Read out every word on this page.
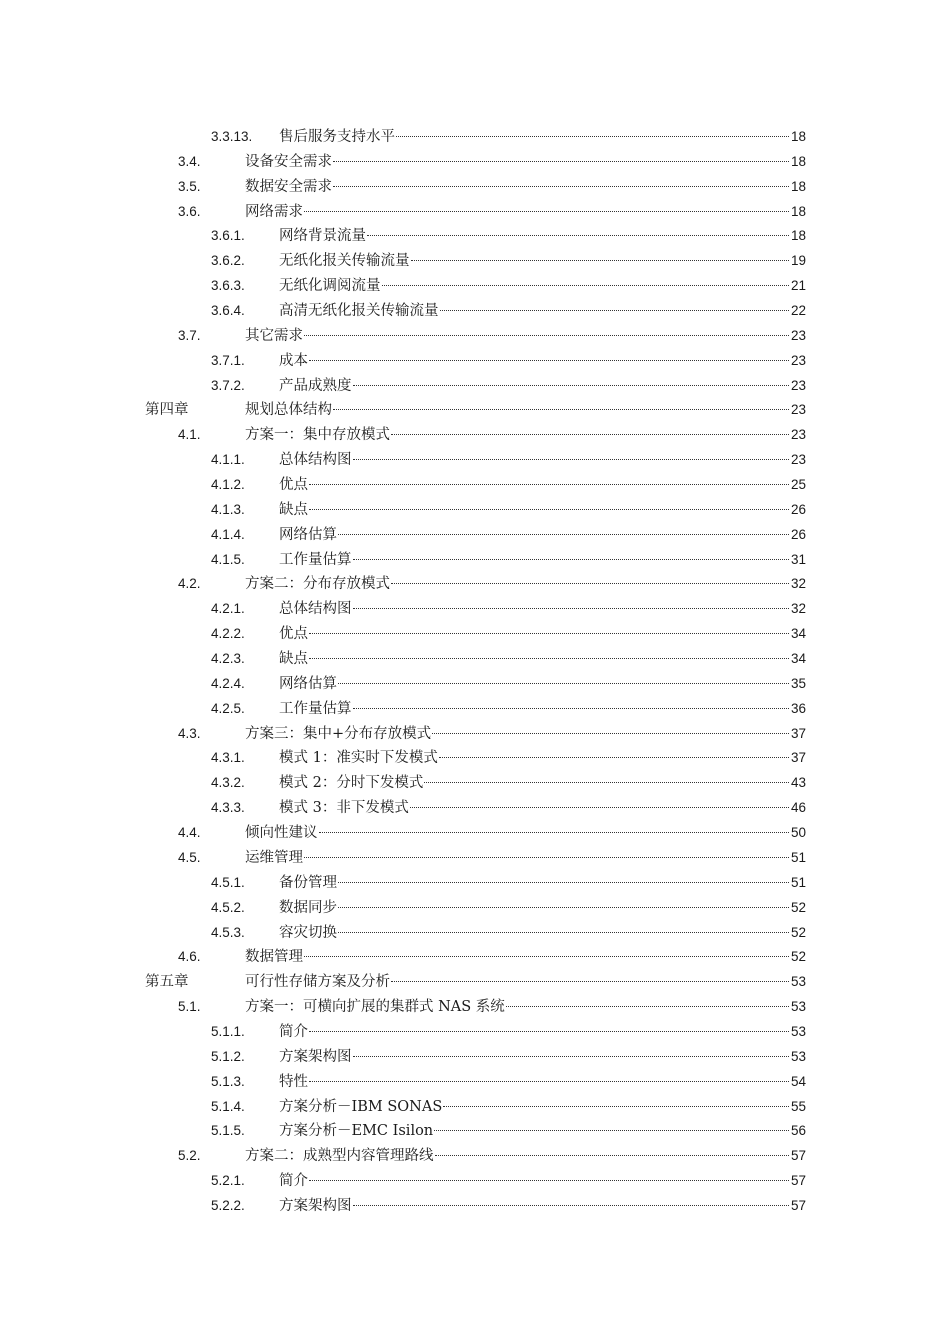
3.3.13. 售后服务支持水平	18
3.4.	设备安全需求	18
3.5.	数据安全需求	18
3.6.	网络需求	18
3.6.1. 网络背景流量	18
3.6.2. 无纸化报关传输流量	19
3.6.3. 无纸化调阅流量	21
3.6.4. 高清无纸化报关传输流量	22
3.7.	其它需求	23
3.7.1. 成本	23
3.7.2. 产品成熟度	23
第四章	规划总体结构	23
4.1.	方案一：集中存放模式	23
4.1.1. 总体结构图	23
4.1.2. 优点	25
4.1.3. 缺点	26
4.1.4. 网络估算	26
4.1.5. 工作量估算	31
4.2.	方案二：分布存放模式	32
4.2.1. 总体结构图	32
4.2.2. 优点	34
4.2.3. 缺点	34
4.2.4. 网络估算	35
4.2.5. 工作量估算	36
4.3.	方案三：集中+分布存放模式	37
4.3.1. 模式 1：准实时下发模式	37
4.3.2. 模式 2：分时下发模式	43
4.3.3. 模式 3：非下发模式	46
4.4.	倾向性建议	50
4.5.	运维管理	51
4.5.1. 备份管理	51
4.5.2. 数据同步	52
4.5.3. 容灾切换	52
4.6.	数据管理	52
第五章	可行性存储方案及分析	53
5.1.	方案一：可横向扩展的集群式 NAS 系统	53
5.1.1. 简介	53
5.1.2. 方案架构图	53
5.1.3. 特性	54
5.1.4. 方案分析－IBM SONAS	55
5.1.5. 方案分析－EMC Isilon	56
5.2.	方案二：成熟型内容管理路线	57
5.2.1. 简介	57
5.2.2. 方案架构图	57
